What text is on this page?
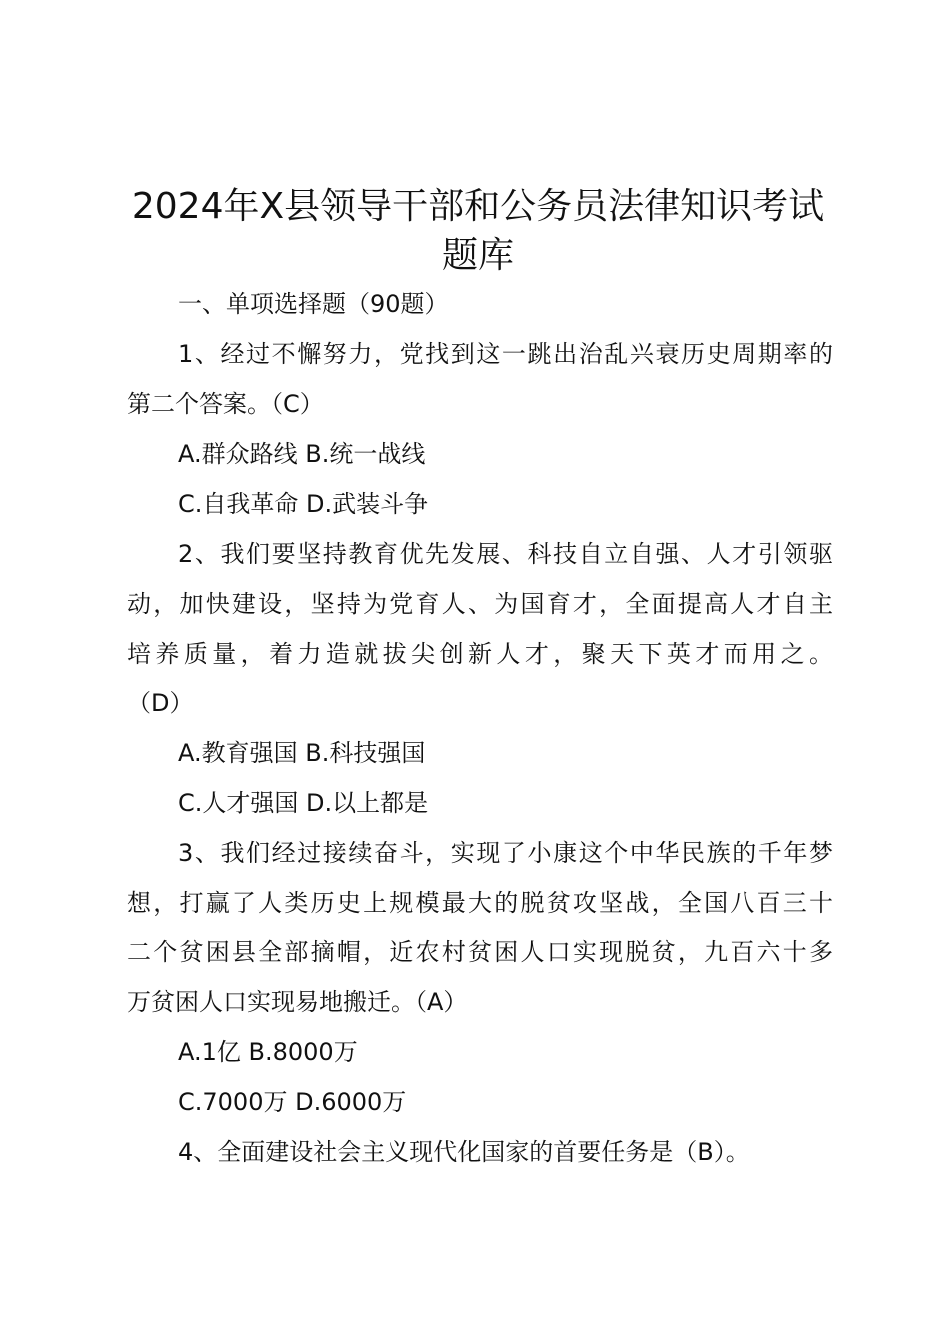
2024年X县领导干部和公务员法律知识考试
题库

一、单项选择题（90题）

1、经过不懈努力，党找到这一跳出治乱兴衰历史周期率的

第二个答案。（C）

A.群众路线 B.统一战线

C.自我革命 D.武装斗争

2、我们要坚持教育优先发展、科技自立自强、人才引领驱

动，加快建设，坚持为党育人、为国育才，全面提高人才自主

培养质量，着力造就拔尖创新人才，聚天下英才而用之。

（D）

A.教育强国 B.科技强国

C.人才强国 D.以上都是

3、我们经过接续奋斗，实现了小康这个中华民族的千年梦

想，打赢了人类历史上规模最大的脱贫攻坚战，全国八百三十

二个贫困县全部摘帽，近农村贫困人口实现脱贫，九百六十多

万贫困人口实现易地搬迁。（A）

A.1亿 B.8000万

C.7000万 D.6000万

4、全面建设社会主义现代化国家的首要任务是（B）。
